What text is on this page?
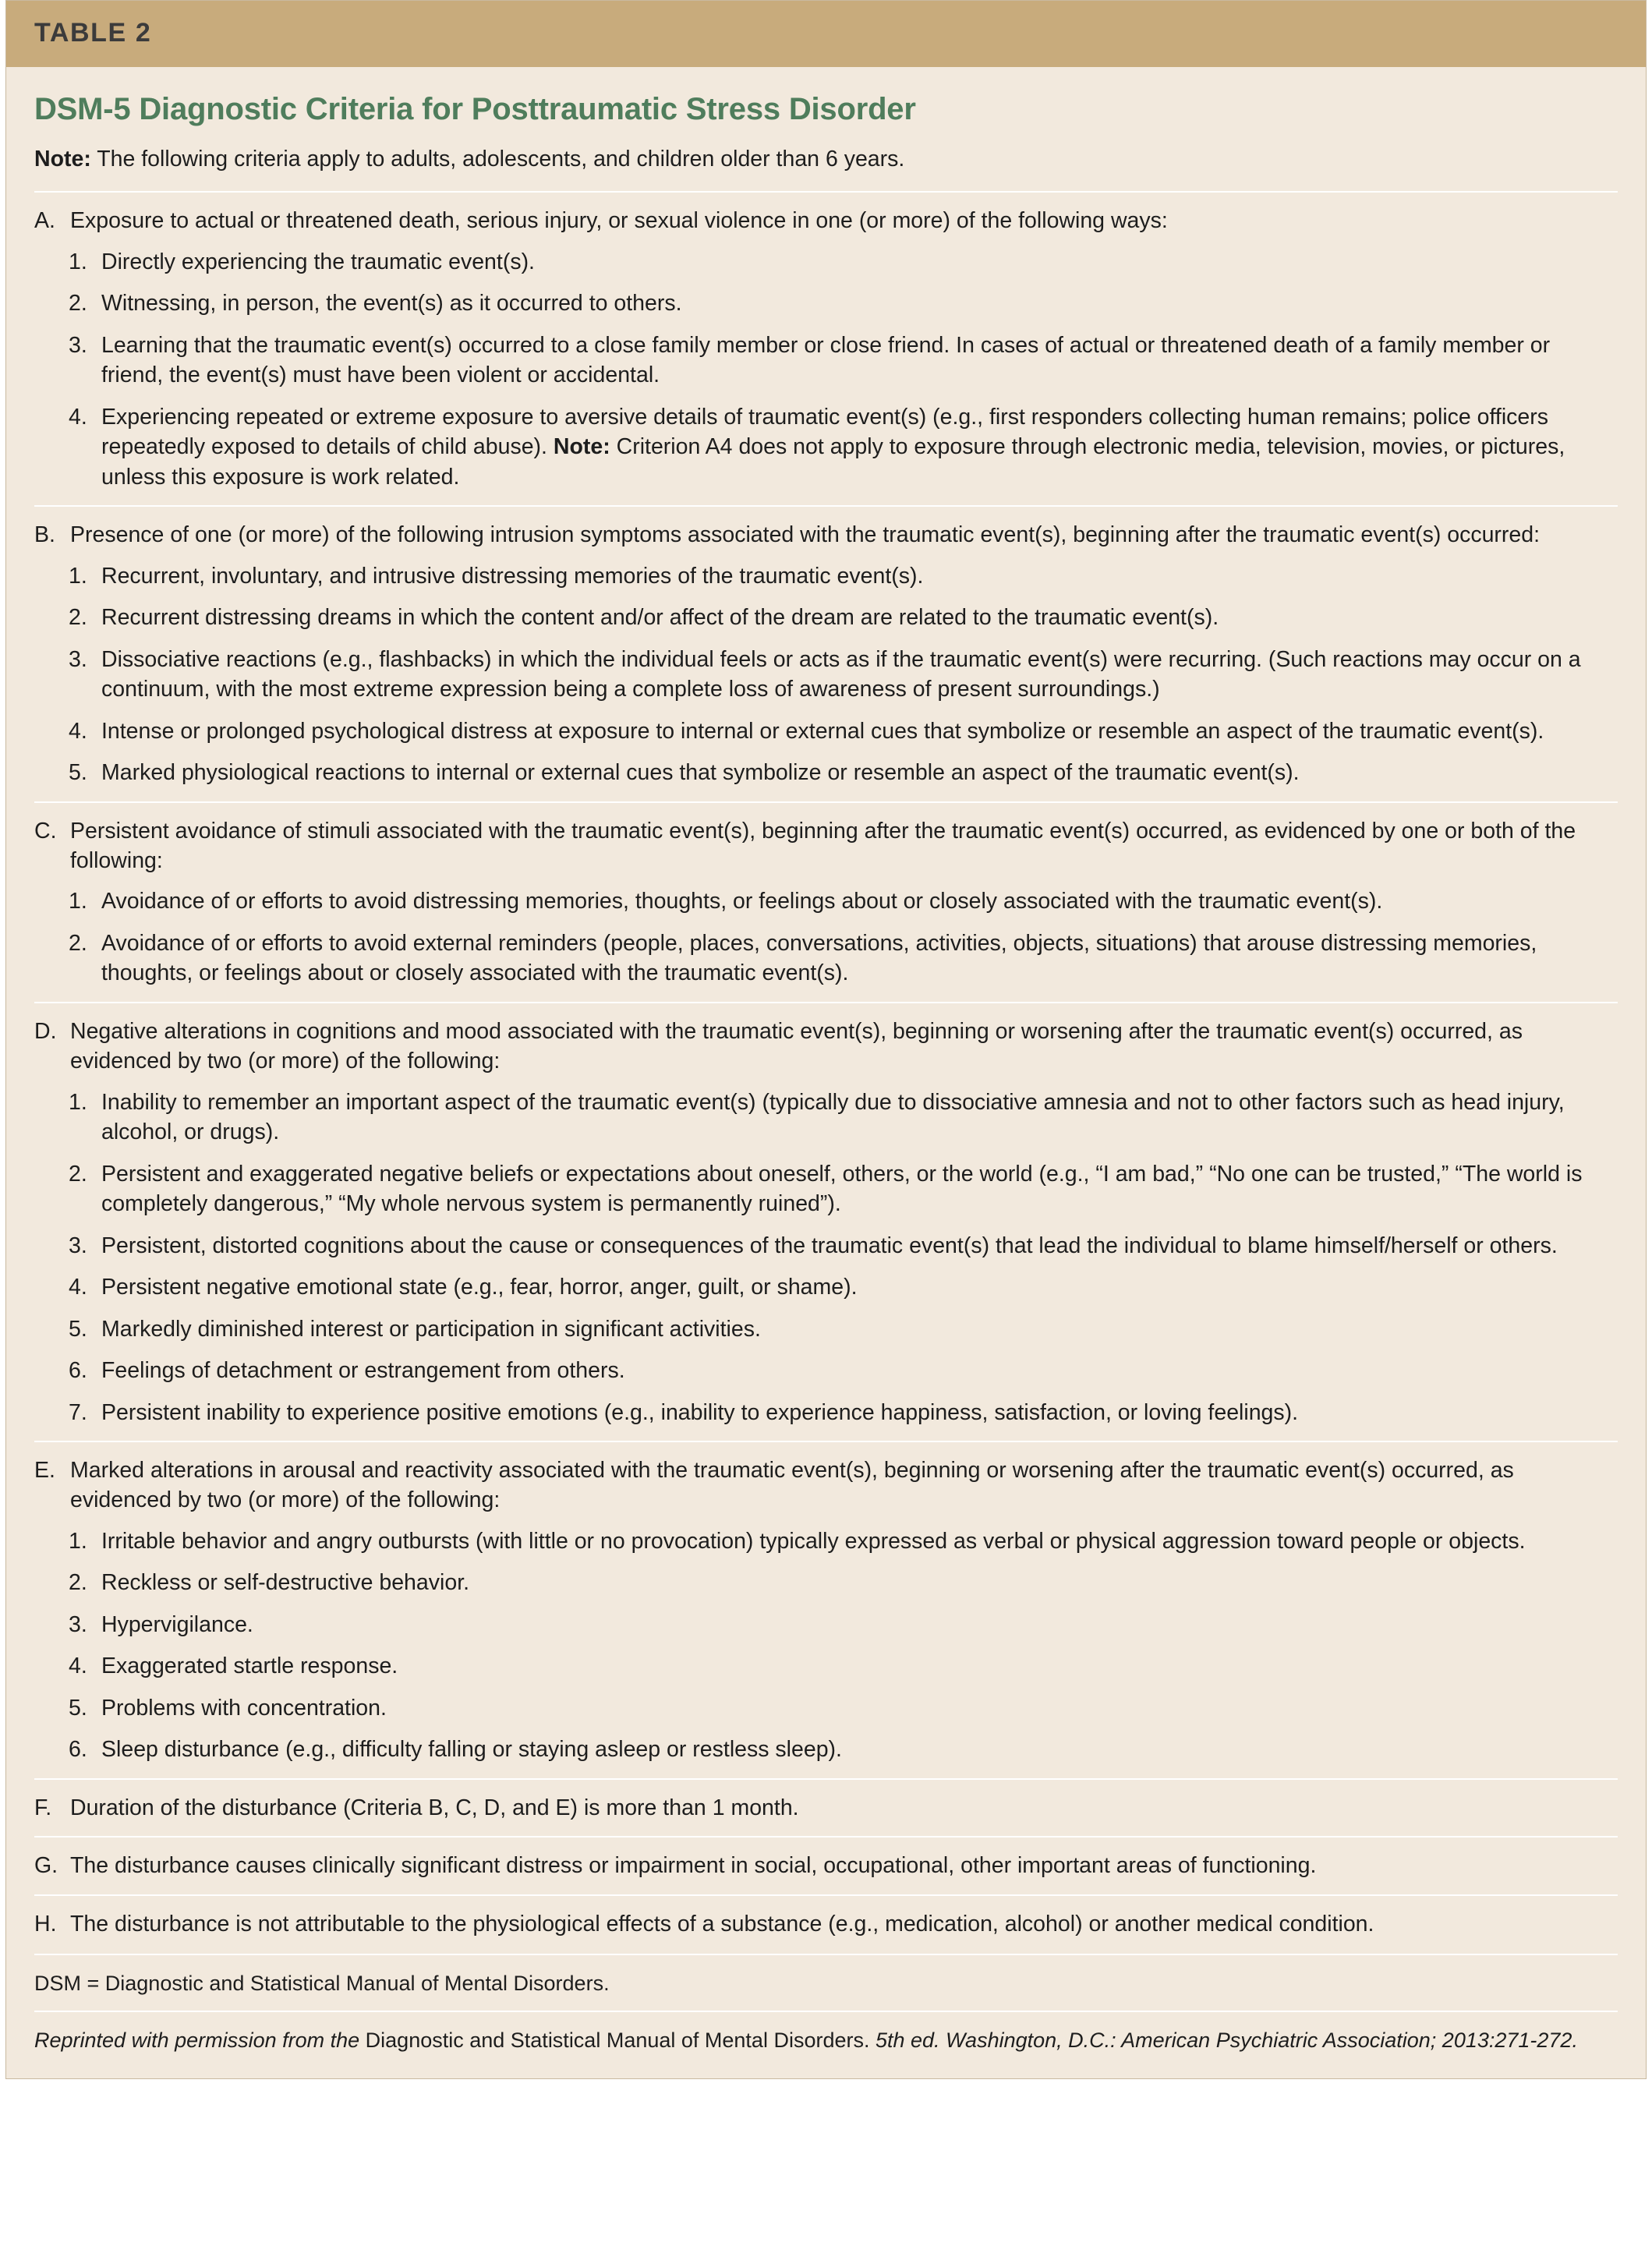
TABLE 2
DSM-5 Diagnostic Criteria for Posttraumatic Stress Disorder
Note: The following criteria apply to adults, adolescents, and children older than 6 years.
A. Exposure to actual or threatened death, serious injury, or sexual violence in one (or more) of the following ways:
1. Directly experiencing the traumatic event(s).
2. Witnessing, in person, the event(s) as it occurred to others.
3. Learning that the traumatic event(s) occurred to a close family member or close friend. In cases of actual or threatened death of a family member or friend, the event(s) must have been violent or accidental.
4. Experiencing repeated or extreme exposure to aversive details of traumatic event(s) (e.g., first responders collecting human remains; police officers repeatedly exposed to details of child abuse). Note: Criterion A4 does not apply to exposure through electronic media, television, movies, or pictures, unless this exposure is work related.
B. Presence of one (or more) of the following intrusion symptoms associated with the traumatic event(s), beginning after the traumatic event(s) occurred:
1. Recurrent, involuntary, and intrusive distressing memories of the traumatic event(s).
2. Recurrent distressing dreams in which the content and/or affect of the dream are related to the traumatic event(s).
3. Dissociative reactions (e.g., flashbacks) in which the individual feels or acts as if the traumatic event(s) were recurring. (Such reactions may occur on a continuum, with the most extreme expression being a complete loss of awareness of present surroundings.)
4. Intense or prolonged psychological distress at exposure to internal or external cues that symbolize or resemble an aspect of the traumatic event(s).
5. Marked physiological reactions to internal or external cues that symbolize or resemble an aspect of the traumatic event(s).
C. Persistent avoidance of stimuli associated with the traumatic event(s), beginning after the traumatic event(s) occurred, as evidenced by one or both of the following:
1. Avoidance of or efforts to avoid distressing memories, thoughts, or feelings about or closely associated with the traumatic event(s).
2. Avoidance of or efforts to avoid external reminders (people, places, conversations, activities, objects, situations) that arouse distressing memories, thoughts, or feelings about or closely associated with the traumatic event(s).
D. Negative alterations in cognitions and mood associated with the traumatic event(s), beginning or worsening after the traumatic event(s) occurred, as evidenced by two (or more) of the following:
1. Inability to remember an important aspect of the traumatic event(s) (typically due to dissociative amnesia and not to other factors such as head injury, alcohol, or drugs).
2. Persistent and exaggerated negative beliefs or expectations about oneself, others, or the world (e.g., “I am bad,” “No one can be trusted,” “The world is completely dangerous,” “My whole nervous system is permanently ruined”).
3. Persistent, distorted cognitions about the cause or consequences of the traumatic event(s) that lead the individual to blame himself/herself or others.
4. Persistent negative emotional state (e.g., fear, horror, anger, guilt, or shame).
5. Markedly diminished interest or participation in significant activities.
6. Feelings of detachment or estrangement from others.
7. Persistent inability to experience positive emotions (e.g., inability to experience happiness, satisfaction, or loving feelings).
E. Marked alterations in arousal and reactivity associated with the traumatic event(s), beginning or worsening after the traumatic event(s) occurred, as evidenced by two (or more) of the following:
1. Irritable behavior and angry outbursts (with little or no provocation) typically expressed as verbal or physical aggression toward people or objects.
2. Reckless or self-destructive behavior.
3. Hypervigilance.
4. Exaggerated startle response.
5. Problems with concentration.
6. Sleep disturbance (e.g., difficulty falling or staying asleep or restless sleep).
F. Duration of the disturbance (Criteria B, C, D, and E) is more than 1 month.
G. The disturbance causes clinically significant distress or impairment in social, occupational, other important areas of functioning.
H. The disturbance is not attributable to the physiological effects of a substance (e.g., medication, alcohol) or another medical condition.
DSM = Diagnostic and Statistical Manual of Mental Disorders.
Reprinted with permission from the Diagnostic and Statistical Manual of Mental Disorders. 5th ed. Washington, D.C.: American Psychiatric Association; 2013:271-272.
